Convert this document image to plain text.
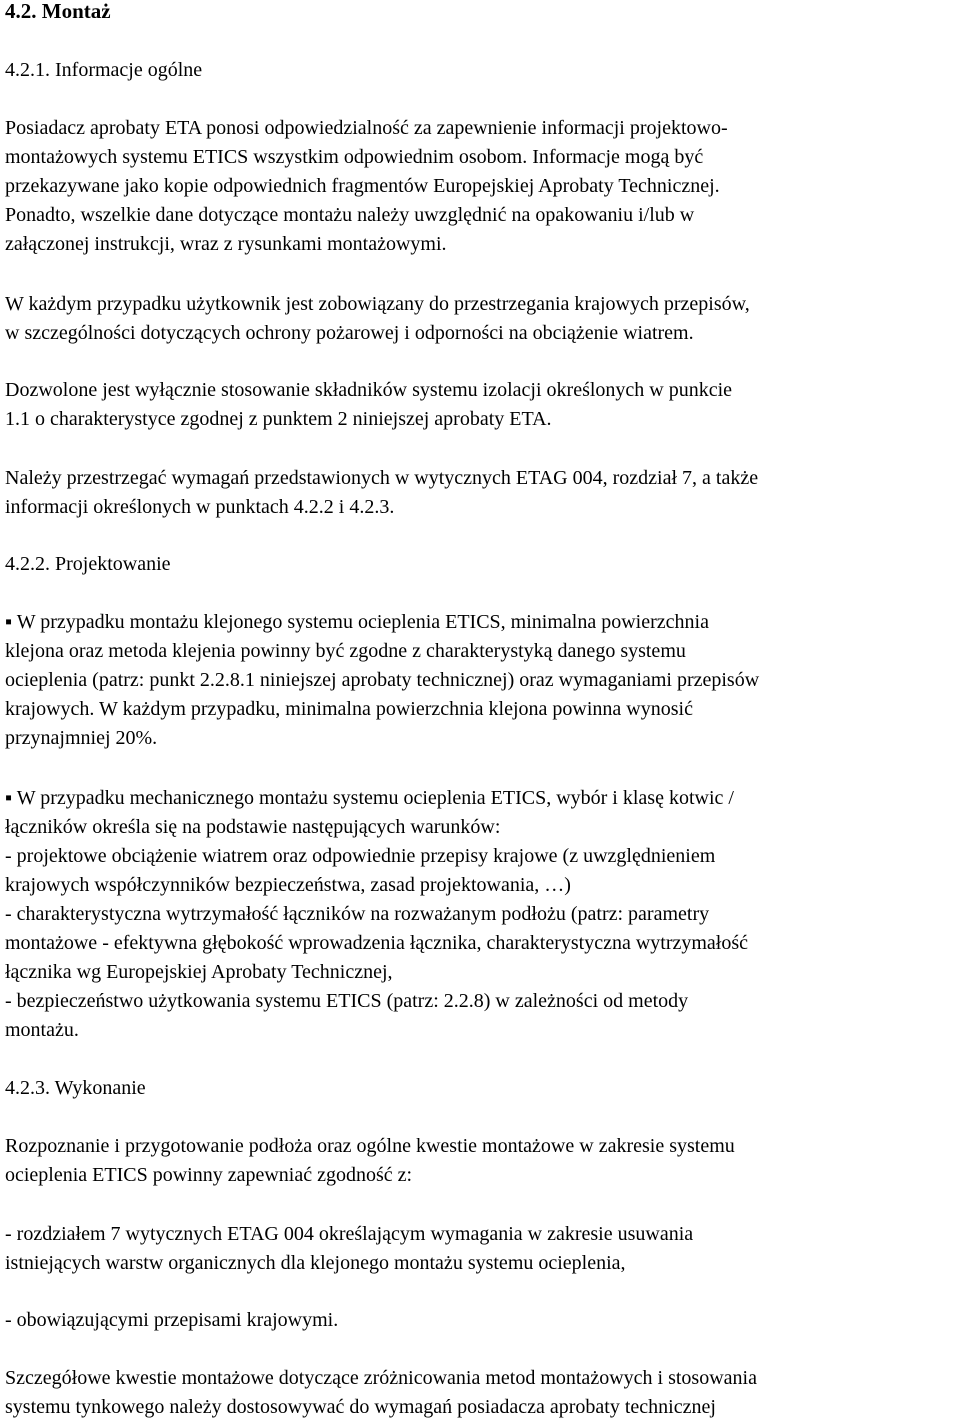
4.2. Montaż
4.2.1. Informacje ogólne
Posiadacz aprobaty ETA ponosi odpowiedzialność za zapewnienie informacji projektowo-
montażowych systemu ETICS wszystkim odpowiednim osobom. Informacje mogą być
przekazywane jako kopie odpowiednich fragmentów Europejskiej Aprobaty Technicznej.
Ponadto, wszelkie dane dotyczące montażu należy uwzględnić na opakowaniu i/lub w
załączonej instrukcji, wraz z rysunkami montażowymi.
W każdym przypadku użytkownik jest zobowiązany do przestrzegania krajowych przepisów,
w szczególności dotyczących ochrony pożarowej i odporności na obciążenie wiatrem.
Dozwolone jest wyłącznie stosowanie składników systemu izolacji określonych w punkcie
1.1 o charakterystyce zgodnej z punktem 2 niniejszej aprobaty ETA.
Należy przestrzegać wymagań przedstawionych w wytycznych ETAG 004, rozdział 7, a także
informacji określonych w punktach 4.2.2 i 4.2.3.
4.2.2. Projektowanie
▪ W przypadku montażu klejonego systemu ocieplenia ETICS, minimalna powierzchnia
klejona oraz metoda klejenia powinny być zgodne z charakterystyką danego systemu
ocieplenia (patrz: punkt 2.2.8.1 niniejszej aprobaty technicznej) oraz wymaganiami przepisów
krajowych. W każdym przypadku, minimalna powierzchnia klejona powinna wynosić
przynajmniej 20%.
▪ W przypadku mechanicznego montażu systemu ocieplenia ETICS, wybór i klasę kotwic /
łączników określa się na podstawie następujących warunków:
- projektowe obciążenie wiatrem oraz odpowiednie przepisy krajowe (z uwzględnieniem
krajowych współczynników bezpieczeństwa, zasad projektowania, …)
- charakterystyczna wytrzymałość łączników na rozważanym podłożu (patrz: parametry
montażowe - efektywna głębokość wprowadzenia łącznika, charakterystyczna wytrzymałość
łącznika wg Europejskiej Aprobaty Technicznej,
- bezpieczeństwo użytkowania systemu ETICS (patrz: 2.2.8) w zależności od metody
montażu.
4.2.3. Wykonanie
Rozpoznanie i przygotowanie podłoża oraz ogólne kwestie montażowe w zakresie systemu
ocieplenia ETICS powinny zapewniać zgodność z:
- rozdziałem 7 wytycznych ETAG 004 określającym wymagania w zakresie usuwania
istniejących warstw organicznych dla klejonego montażu systemu ocieplenia,
- obowiązującymi przepisami krajowymi.
Szczegółowe kwestie montażowe dotyczące zróżnicowania metod montażowych i stosowania
systemu tynkowego należy dostosowywać do wymagań posiadacza aprobaty technicznej
